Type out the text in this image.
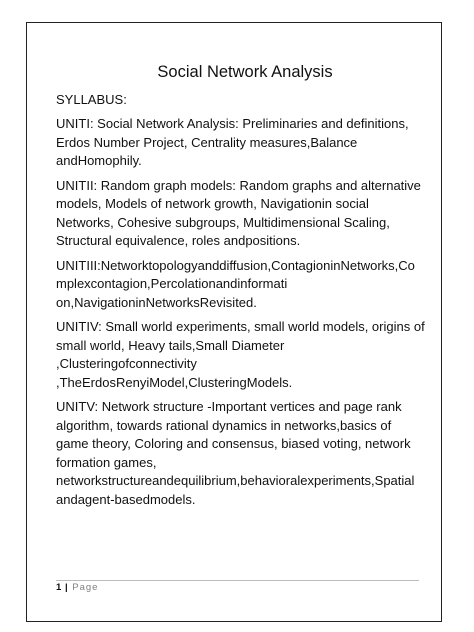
Social Network Analysis
SYLLABUS:
UNITI: Social Network Analysis: Preliminaries and definitions,
Erdos Number Project, Centrality measures,Balance
andHomophily.
UNITII: Random graph models: Random graphs and alternative
models, Models of network growth, Navigationin social
Networks, Cohesive subgroups, Multidimensional Scaling,
Structural equivalence, roles andpositions.
UNITIII:Networktopologyanddiffusion,ContagioninNetworks,Co
mplexcontagion,Percolationandinformati
on,NavigationinNetworksRevisited.
UNITIV: Small world experiments, small world models, origins of
small world, Heavy tails,Small Diameter
,Clusteringofconnectivity
,TheErdosRenyiModel,ClusteringModels.
UNITV: Network structure -Important vertices and page rank
algorithm, towards rational dynamics in networks,basics of
game theory, Coloring and consensus, biased voting, network
formation games,
networkstructureandequilibrium,behavioralexperiments,Spatial
andagent-basedmodels.
1 | Page
